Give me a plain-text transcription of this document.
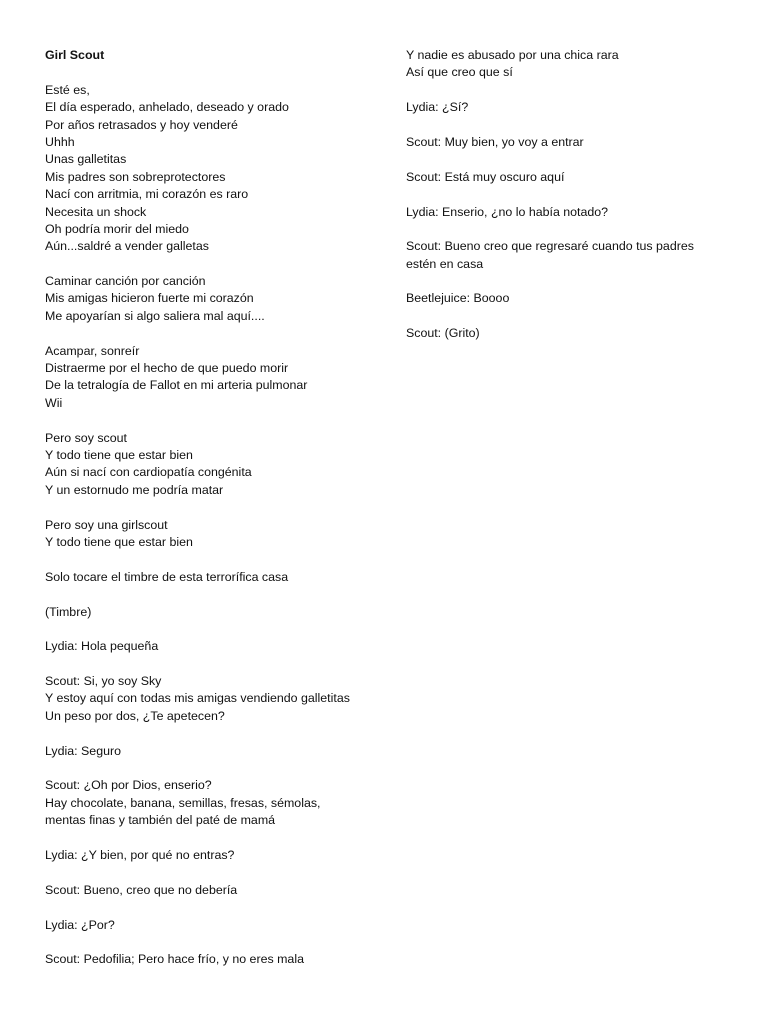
Girl Scout
Esté es,
El día esperado, anhelado, deseado y orado
Por años retrasados y hoy venderé
Uhhh
Unas galletitas
Mis padres son sobreprotectores
Nací con arritmia, mi corazón es raro
Necesita un shock
Oh podría morir del miedo
Aún...saldré a vender galletas
Caminar canción por canción
Mis amigas hicieron fuerte mi corazón
Me apoyarían si algo saliera mal aquí....
Acampar, sonreír
Distraerme por el hecho de que puedo morir
De la tetralogía de Fallot en mi arteria pulmonar
Wii
Pero soy scout
Y todo tiene que estar bien
Aún si nací con cardiopatía congénita
Y un estornudo me podría matar
Pero soy una girlscout
Y todo tiene que estar bien
Solo tocare el timbre de esta terrorífica casa
(Timbre)
Lydia: Hola pequeña
Scout: Si, yo soy Sky
Y estoy aquí con todas mis amigas vendiendo galletitas
Un peso por dos, ¿Te apetecen?
Lydia: Seguro
Scout: ¿Oh por Dios, enserio?
Hay chocolate, banana, semillas, fresas, sémolas,
mentas finas y también del paté de mamá
Lydia: ¿Y bien, por qué no entras?
Scout: Bueno, creo que no debería
Lydia: ¿Por?
Scout: Pedofilia; Pero hace frío, y no eres mala
Y nadie es abusado por una chica rara
Así que creo que sí
Lydia: ¿Sí?
Scout: Muy bien, yo voy a entrar
Scout: Está muy oscuro aquí
Lydia: Enserio, ¿no lo había notado?
Scout: Bueno creo que regresaré cuando tus padres
estén en casa
Beetlejuice: Boooo
Scout: (Grito)
